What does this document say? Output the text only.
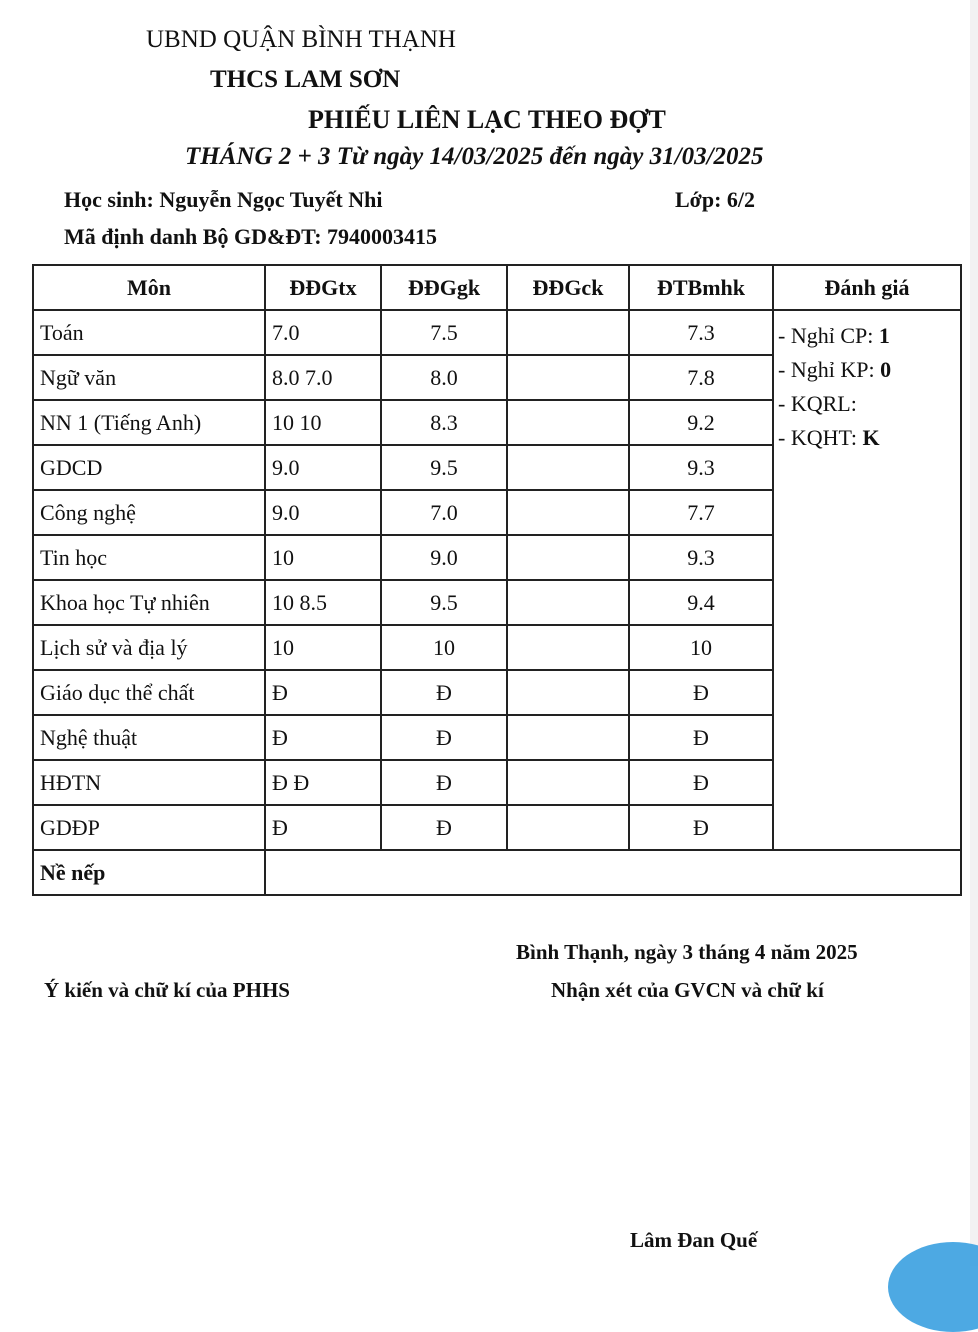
UBND QUẬN BÌNH THẠNH
THCS LAM SƠN
PHIẾU LIÊN LẠC THEO ĐỢT
THÁNG 2 + 3 Từ ngày 14/03/2025 đến ngày 31/03/2025
Học sinh: Nguyễn Ngọc Tuyết Nhi	Lớp: 6/2
Mã định danh Bộ GD&ĐT: 7940003415
Môn	ĐĐGtx	ĐĐGgk	ĐĐGck	ĐTBmhk	Đánh giá
Toán	7.0	7.5		7.3	- Nghỉ CP: 1
- Nghỉ KP: 0
- KQRL:
- KQHT: K

Ngữ văn	8.0 7.0	8.0		7.8	
NN 1 (Tiếng Anh)	10 10	8.3		9.2	
GDCD	9.0	9.5		9.3	
Công nghệ	9.0	7.0		7.7	
Tin học	10	9.0		9.3	
Khoa học Tự nhiên	10 8.5	9.5		9.4	
Lịch sử và địa lý	10	10		10	
Giáo dục thể chất	Đ	Đ		Đ	
Nghệ thuật	Đ	Đ		Đ	
HĐTN	Đ Đ	Đ		Đ	
GDĐP	Đ	Đ		Đ	
Nề nếp					
Bình Thạnh, ngày 3 tháng 4 năm 2025
Ý kiến và chữ kí của PHHS	Nhận xét của GVCN và chữ kí
Lâm Đan Quế
